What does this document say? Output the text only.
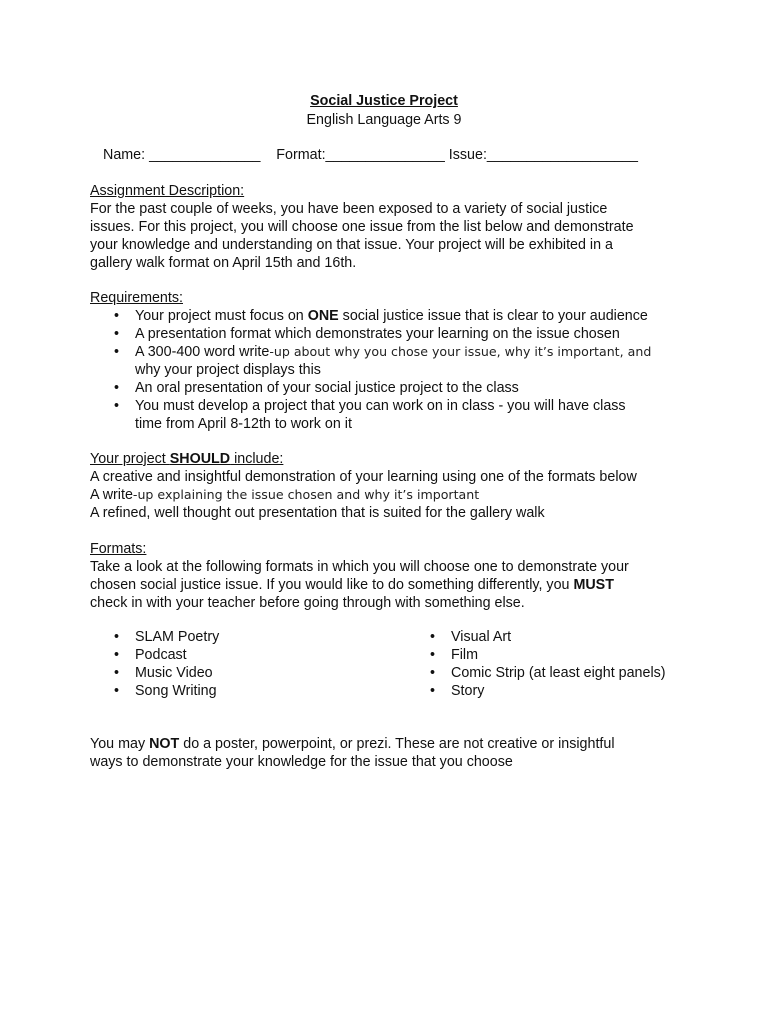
Social Justice Project
English Language Arts 9
Name: ______________    Format:_______________ Issue:___________________
Assignment Description:
For the past couple of weeks, you have been exposed to a variety of social justice
issues. For this project, you will choose one issue from the list below and demonstrate
your knowledge and understanding on that issue. Your project will be exhibited in a
gallery walk format on April 15th and 16th.
Requirements:
• Your project must focus on ONE social justice issue that is clear to your audience
• A presentation format which demonstrates your learning on the issue chosen
• A 300-400 word write-up about why you chose your issue, why it’s important, and
why your project displays this
• An oral presentation of your social justice project to the class
• You must develop a project that you can work on in class - you will have class
time from April 8-12th to work on it
Your project SHOULD include:
A creative and insightful demonstration of your learning using one of the formats below
A write-up explaining the issue chosen and why it’s important
A refined, well thought out presentation that is suited for the gallery walk
Formats:
Take a look at the following formats in which you will choose one to demonstrate your
chosen social justice issue. If you would like to do something differently, you MUST
check in with your teacher before going through with something else.
• SLAM Poetry
• Podcast
• Music Video
• Song Writing
• Visual Art
• Film
• Comic Strip (at least eight panels)
• Story
You may NOT do a poster, powerpoint, or prezi. These are not creative or insightful
ways to demonstrate your knowledge for the issue that you choose
